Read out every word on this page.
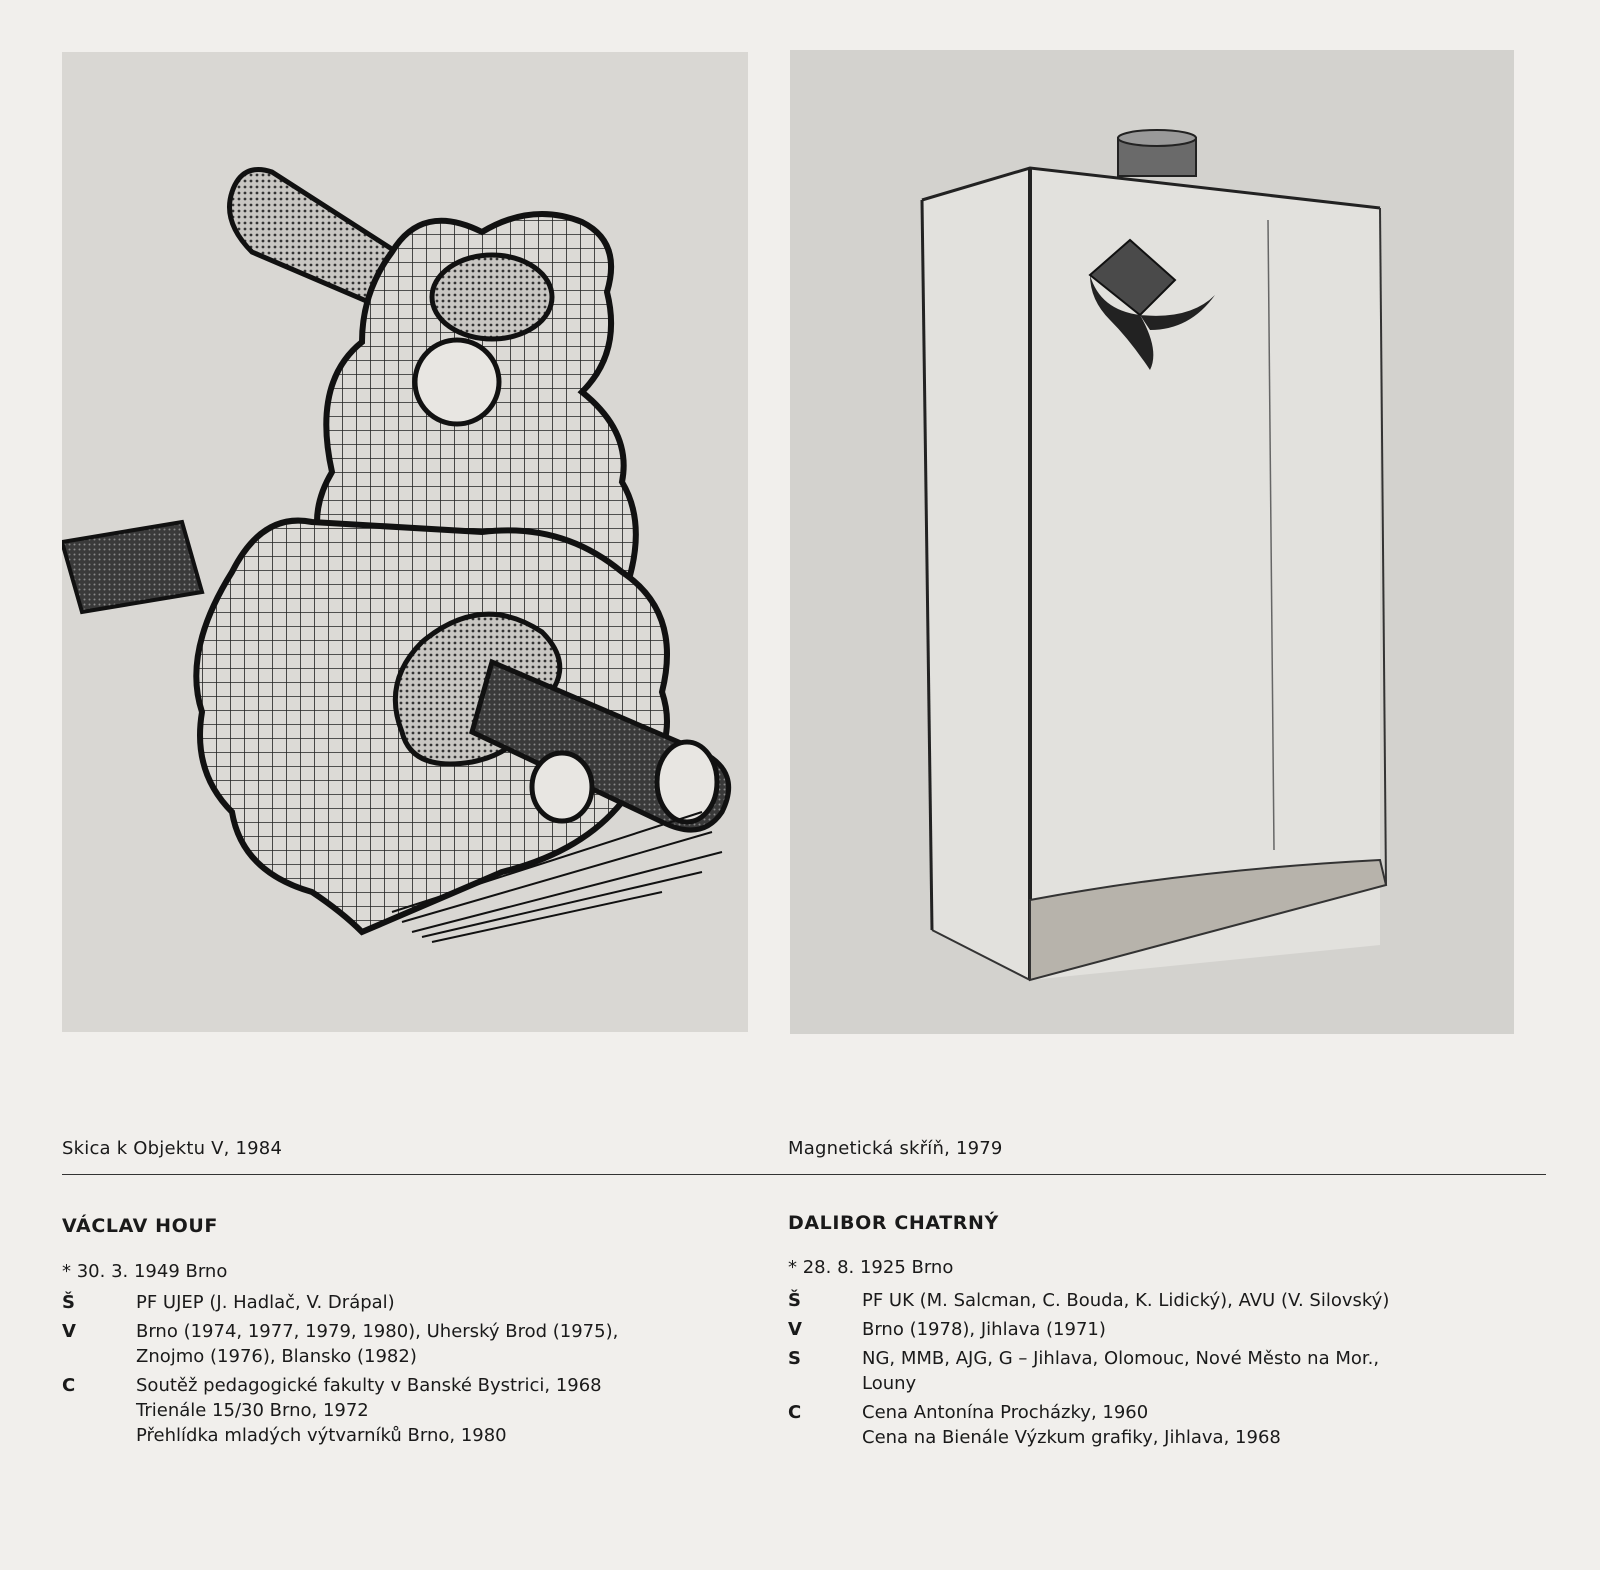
Skica k Objektu V, 1984	Magnetická skříň, 1979
VÁCLAV HOUF	DALIBOR CHATRNÝ
* 30. 3. 1949 Brno	* 28. 8. 1925 Brno
Š	PF UJEP (J. Hadlač, V. Drápal)
V	Brno (1974, 1977, 1979, 1980), Uherský Brod (1975),
Znojmo (1976), Blansko (1982)
C	Soutěž pedagogické fakulty v Banské Bystrici, 1968
Trienále 15/30 Brno, 1972
Přehlídka mladých výtvarníků Brno, 1980
Š	PF UK (M. Salcman, C. Bouda, K. Lidický), AVU (V. Silovský)
V	Brno (1978), Jihlava (1971)
S	NG, MMB, AJG, G – Jihlava, Olomouc, Nové Město na Mor.,
Louny
C	Cena Antonína Procházky, 1960
Cena na Bienále Výzkum grafiky, Jihlava, 1968
